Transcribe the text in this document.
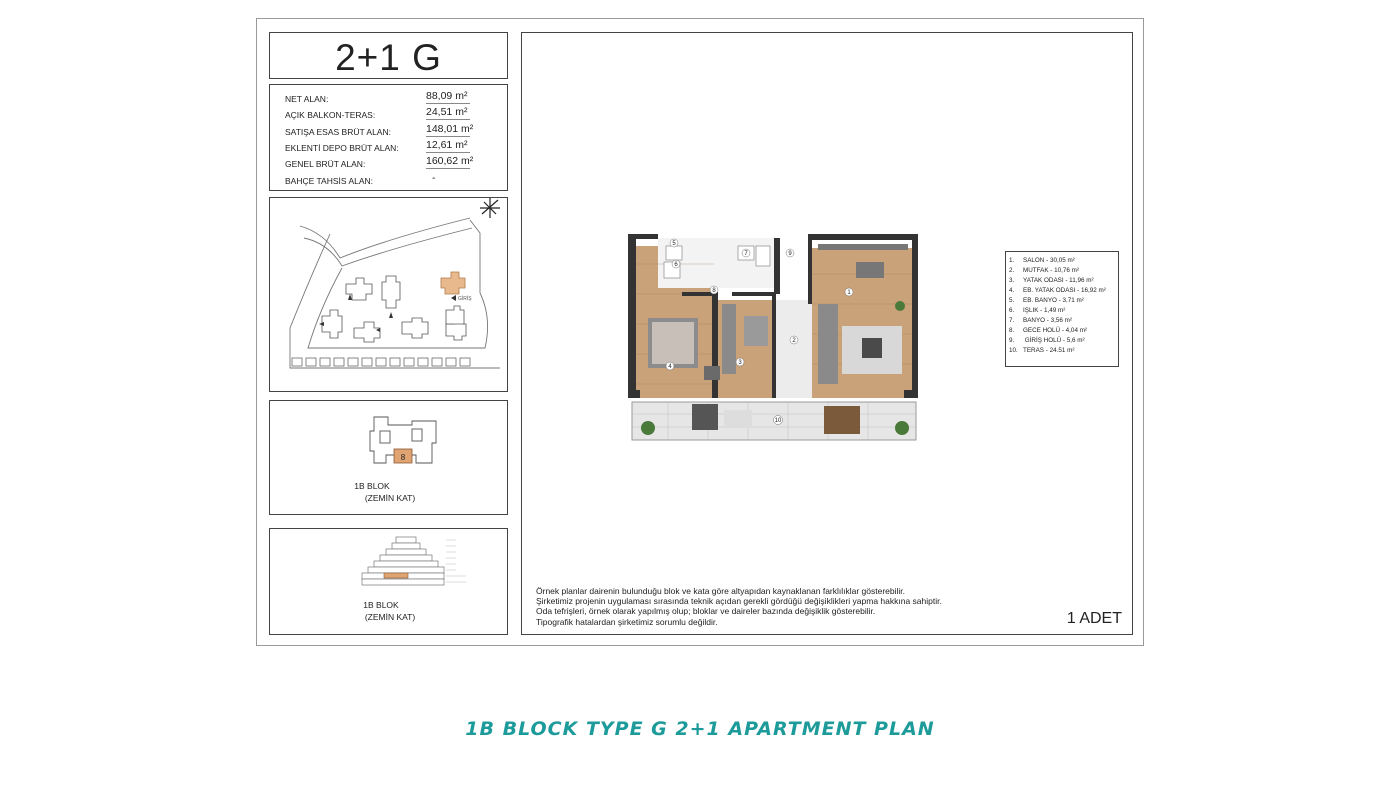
2+1 G
NET ALAN:	88,09 m²
AÇIK BALKON-TERAS:	24,51 m²
SATIŞA ESAS BRÜT ALAN:	148,01 m²
EKLENTİ DEPO BRÜT ALAN:	12,61 m²
GENEL BRÜT ALAN:	160,62 m²
BAHÇE TAHSİS ALAN:	-
GİRİŞ
8
1B BLOK
(ZEMİN KAT)
1B BLOK
(ZEMİN KAT)
1
2
3
4
5
6
7
8
9
10
1. SALON - 30,05 m²
2. MUTFAK - 10,76 m²
3. YATAK ODASI - 11,96 m²
4. EB. YATAK ODASI - 16,92 m²
5. EB. BANYO - 3,71 m²
6. IŞLIK - 1,49 m²
7. BANYO - 3,56 m²
8. GECE HOLÜ - 4,04 m²
9. GİRİŞ HOLÜ - 5,6 m²
10. TERAS - 24.51 m²
Örnek planlar dairenin bulunduğu blok ve kata göre altyapıdan kaynaklanan farklılıklar gösterebilir.
Şirketimiz projenin uygulaması sırasında teknik açıdan gerekli gördüğü değişiklikleri yapma hakkına sahiptir.
Oda tefrişleri, örnek olarak yapılmış olup; bloklar ve daireler bazında değişiklik gösterebilir.
Tipografik hatalardan şirketimiz sorumlu değildir.	1 ADET
1B BLOCK TYPE G 2+1 APARTMENT PLAN
